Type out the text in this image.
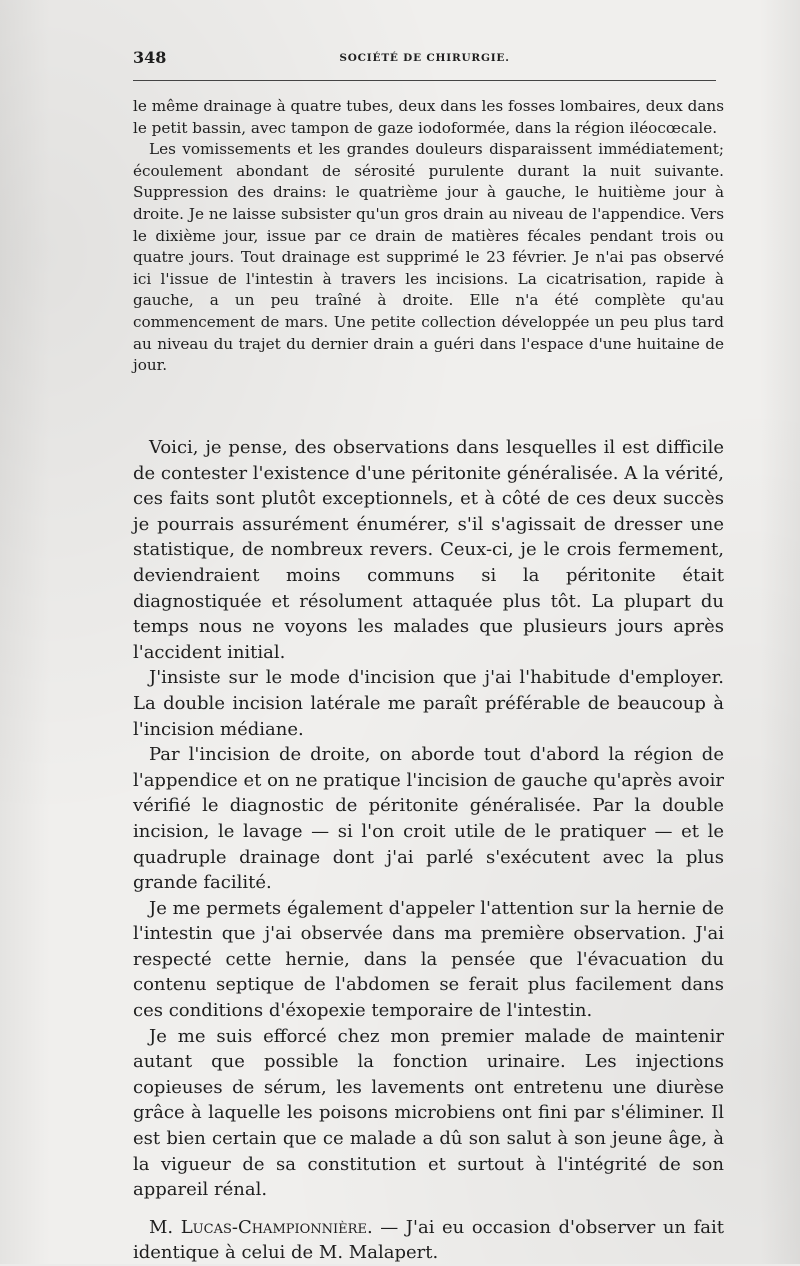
348	SOCIÉTÉ DE CHIRURGIE.

le même drainage à quatre tubes, deux dans les fosses lombaires, deux dans le petit bassin, avec tampon de gaze iodoformée, dans la région iléocœcale.

Les vomissements et les grandes douleurs disparaissent immédiatement; écoulement abondant de sérosité purulente durant la nuit suivante. Suppression des drains: le quatrième jour à gauche, le huitième jour à droite. Je ne laisse subsister qu'un gros drain au niveau de l'appendice. Vers le dixième jour, issue par ce drain de matières fécales pendant trois ou quatre jours. Tout drainage est supprimé le 23 février. Je n'ai pas observé ici l'issue de l'intestin à travers les incisions. La cicatrisation, rapide à gauche, a un peu traîné à droite. Elle n'a été complète qu'au commencement de mars. Une petite collection développée un peu plus tard au niveau du trajet du dernier drain a guéri dans l'espace d'une huitaine de jour.

Voici, je pense, des observations dans lesquelles il est difficile de contester l'existence d'une péritonite généralisée. A la vérité, ces faits sont plutôt exceptionnels, et à côté de ces deux succès je pourrais assurément énumérer, s'il s'agissait de dresser une statistique, de nombreux revers. Ceux-ci, je le crois fermement, deviendraient moins communs si la péritonite était diagnostiquée et résolument attaquée plus tôt. La plupart du temps nous ne voyons les malades que plusieurs jours après l'accident initial.

J'insiste sur le mode d'incision que j'ai l'habitude d'employer. La double incision latérale me paraît préférable de beaucoup à l'incision médiane.

Par l'incision de droite, on aborde tout d'abord la région de l'appendice et on ne pratique l'incision de gauche qu'après avoir vérifié le diagnostic de péritonite généralisée. Par la double incision, le lavage — si l'on croit utile de le pratiquer — et le quadruple drainage dont j'ai parlé s'exécutent avec la plus grande facilité.

Je me permets également d'appeler l'attention sur la hernie de l'intestin que j'ai observée dans ma première observation. J'ai respecté cette hernie, dans la pensée que l'évacuation du contenu septique de l'abdomen se ferait plus facilement dans ces conditions d'éxopexie temporaire de l'intestin.

Je me suis efforcé chez mon premier malade de maintenir autant que possible la fonction urinaire. Les injections copieuses de sérum, les lavements ont entretenu une diurèse grâce à laquelle les poisons microbiens ont fini par s'éliminer. Il est bien certain que ce malade a dû son salut à son jeune âge, à la vigueur de sa constitution et surtout à l'intégrité de son appareil rénal.

M. Lucas-Championnière. — J'ai eu occasion d'observer un fait identique à celui de M. Malapert.
